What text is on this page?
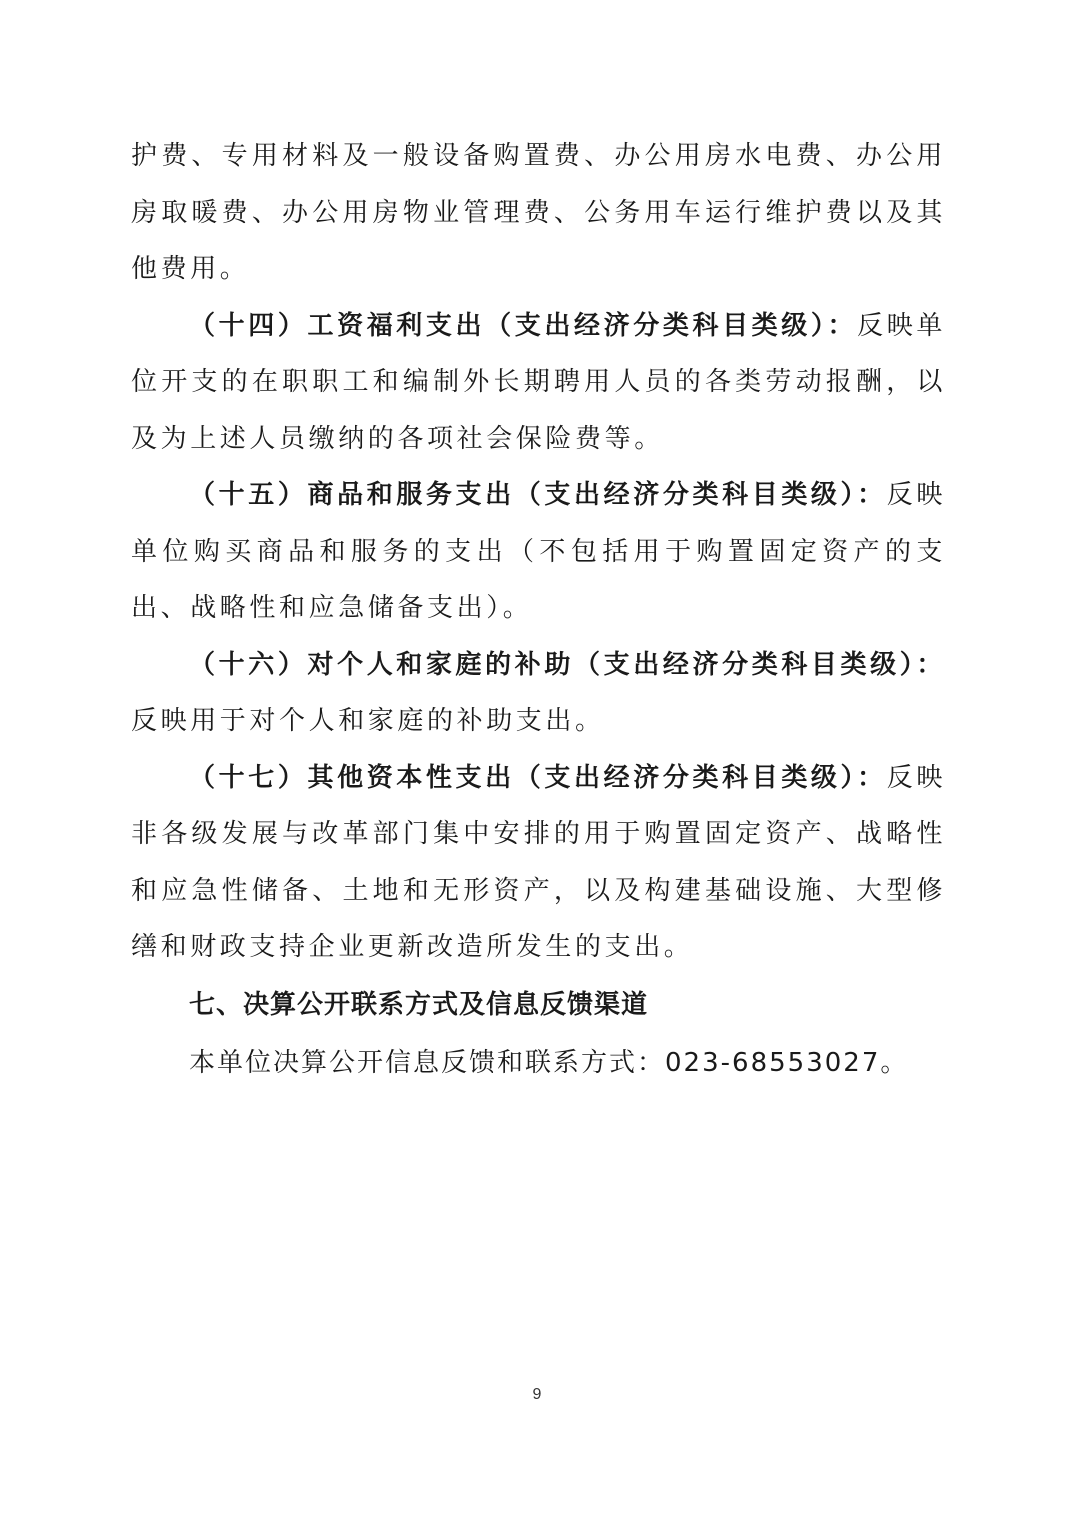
护费、专用材料及一般设备购置费、办公用房水电费、办公用房取暖费、办公用房物业管理费、公务用车运行维护费以及其他费用。

（十四）工资福利支出（支出经济分类科目类级）：反映单位开支的在职职工和编制外长期聘用人员的各类劳动报酬，以及为上述人员缴纳的各项社会保险费等。

（十五）商品和服务支出（支出经济分类科目类级）：反映单位购买商品和服务的支出（不包括用于购置固定资产的支出、战略性和应急储备支出）。

（十六）对个人和家庭的补助（支出经济分类科目类级）：反映用于对个人和家庭的补助支出。

（十七）其他资本性支出（支出经济分类科目类级）：反映非各级发展与改革部门集中安排的用于购置固定资产、战略性和应急性储备、土地和无形资产，以及构建基础设施、大型修缮和财政支持企业更新改造所发生的支出。

七、决算公开联系方式及信息反馈渠道

本单位决算公开信息反馈和联系方式：023-68553027。

9
